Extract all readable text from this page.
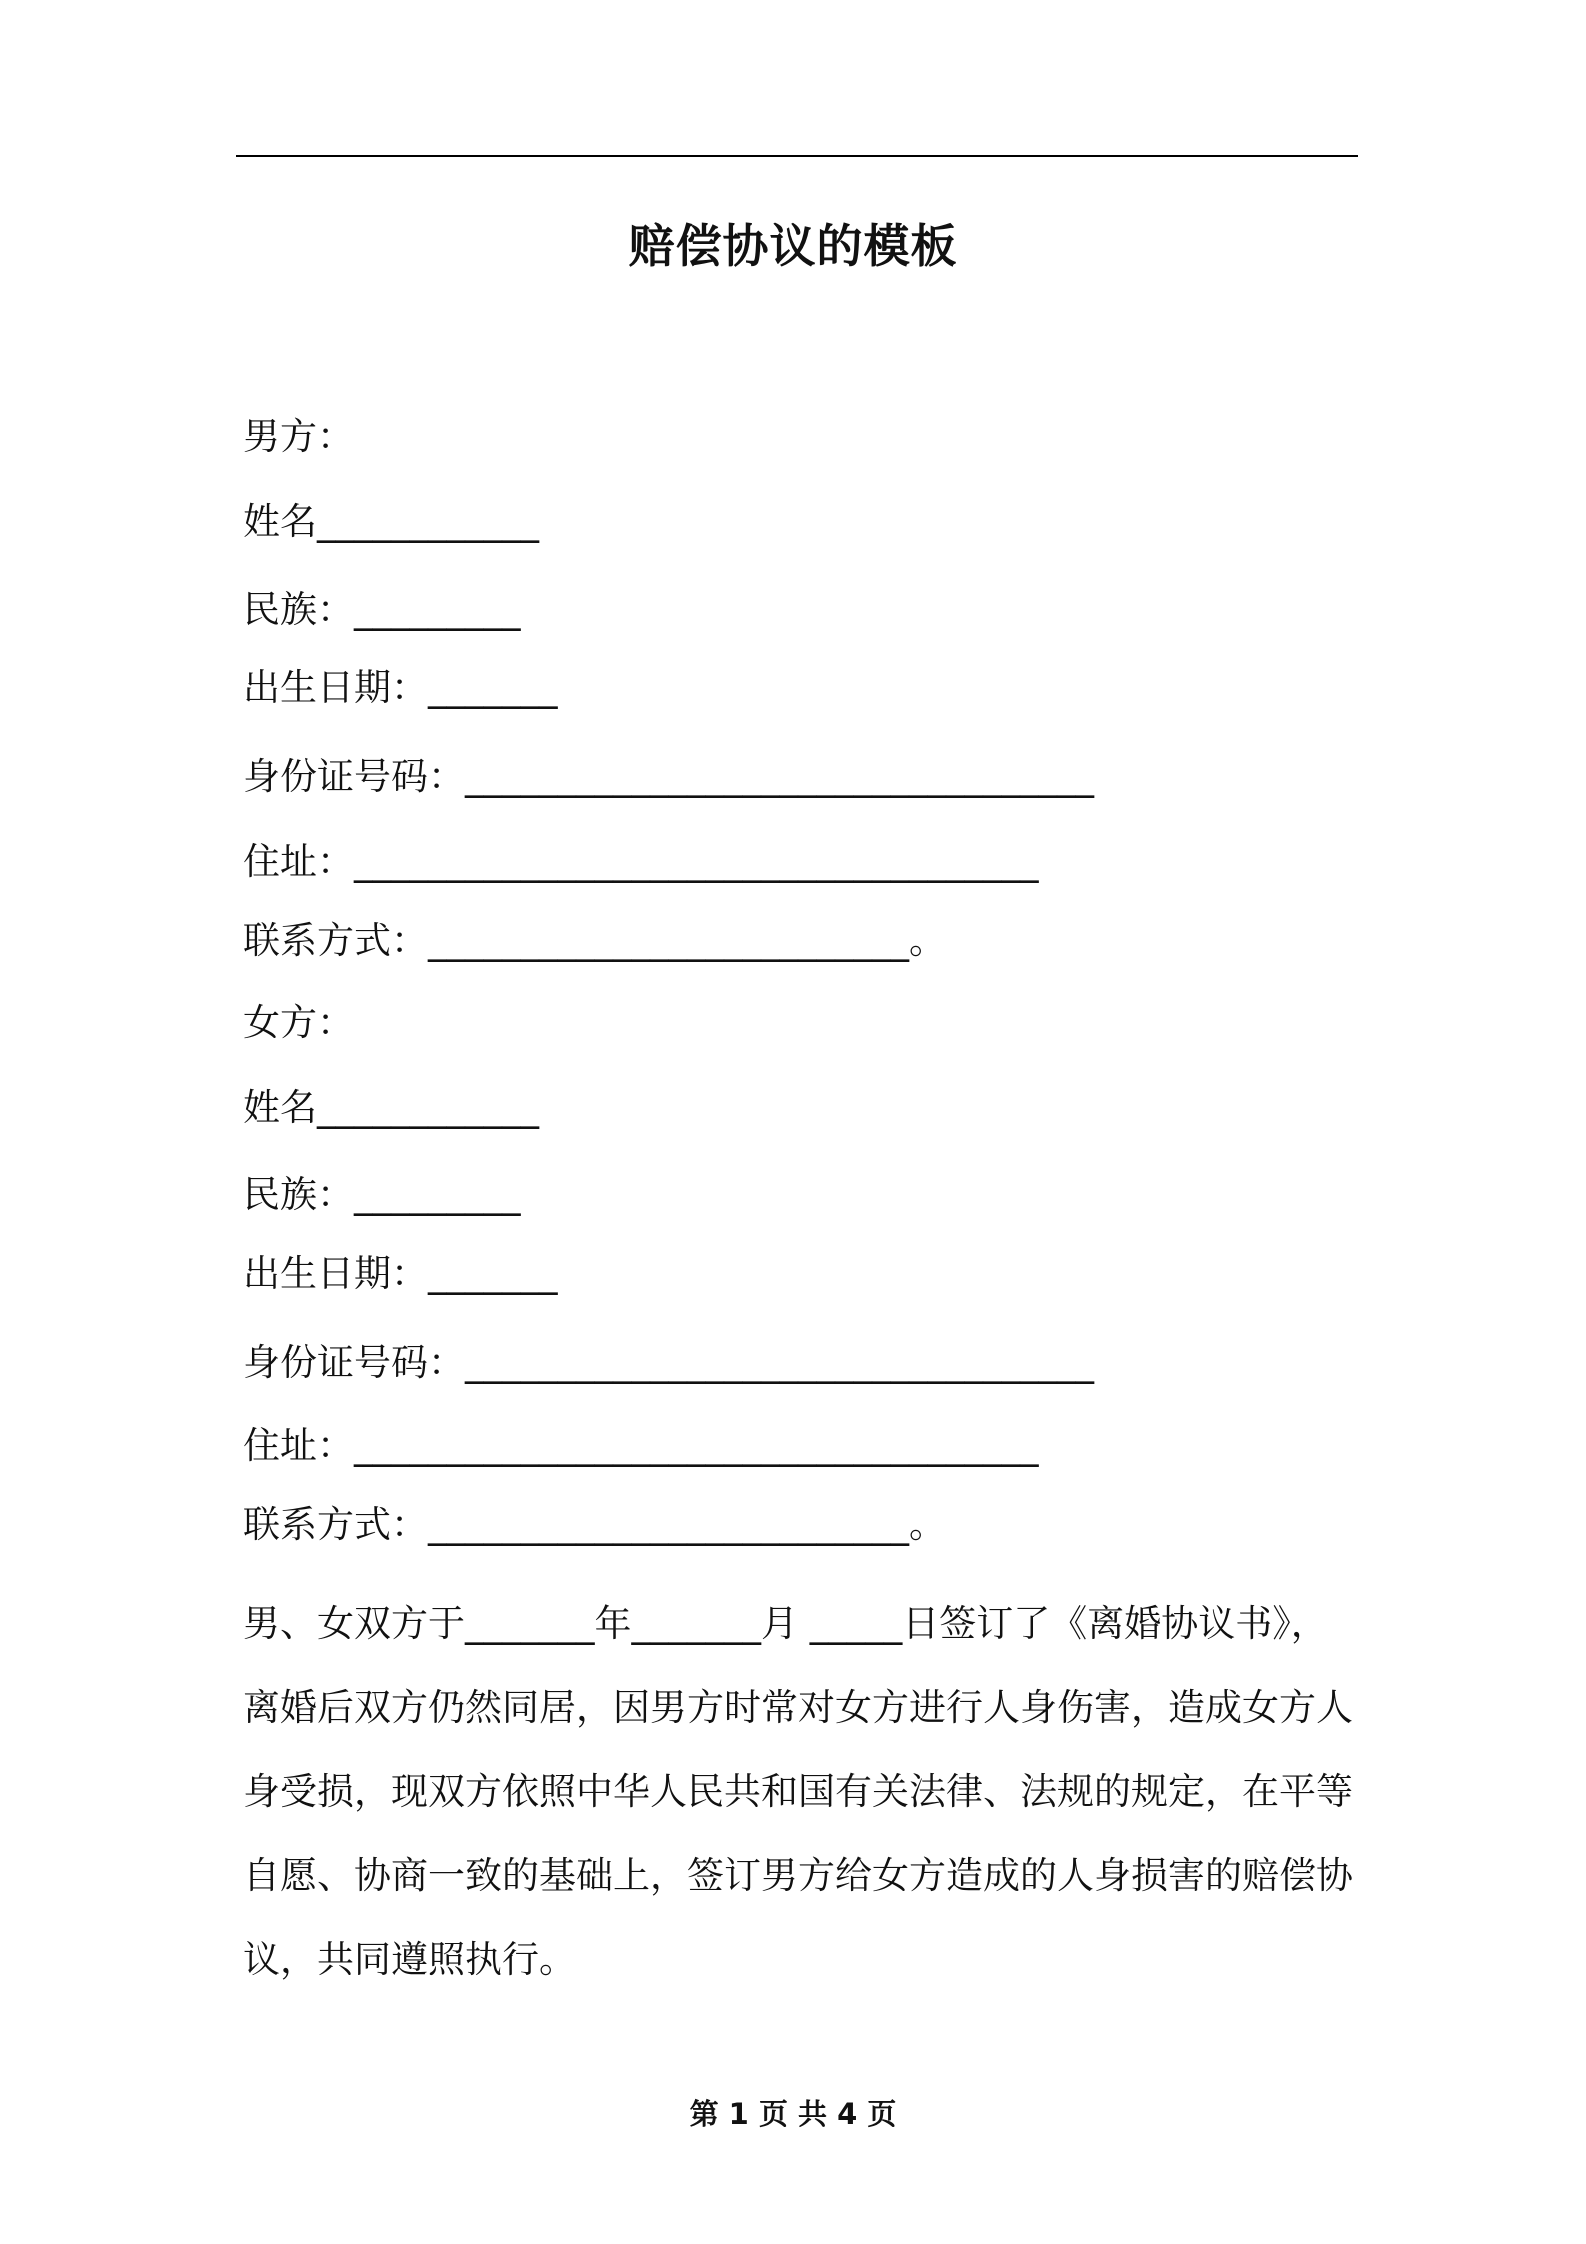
赔偿协议的模板
男方：
姓名____________
民族：_________
出生日期：_______
身份证号码：__________________________________
住址：_____________________________________
联系方式：__________________________。
女方：
姓名____________
民族：_________
出生日期：_______
身份证号码：__________________________________
住址：_____________________________________
联系方式：__________________________。

男、女双方于_______年_______月 _____日签订了《离婚协议书》，
离婚后双方仍然同居，因男方时常对女方进行人身伤害，造成女方人
身受损，现双方依照中华人民共和国有关法律、法规的规定，在平等
自愿、协商一致的基础上，签订男方给女方造成的人身损害的赔偿协
议，共同遵照执行。

第 1 页 共 4 页
